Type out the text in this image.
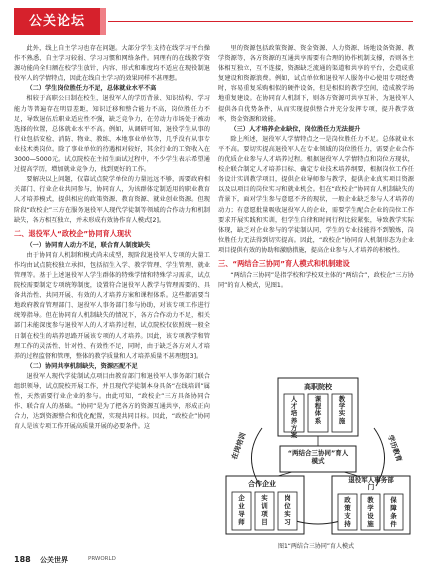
公关论坛

此外，线上自主学习也存在问题。大部分学生支持在线学习平台操作不熟悉、自主学习较弱、学习习惯和网络条件。同理有的在线教学资源功能尚全归额在校学生放针，内容、形式和难度均不适应在现役制退役军人的学情特点，因此在线自主学习的效果同样不甚理想。

（二）学生岗位胜任力不足，总体就业水平不高

相较于高职公日制在校生，退役军人的学历背景、知识结构、学习能力等普遍存在明显差距，知识迁移和整合能力不高，岗位胜任力不足，导致退伍后职业适应性不强，缺乏竞争力，在劳动力市场处于被动选择的位置，总体就业水平不高。例如，从调研可知，退役学生从事的行业包括安检、消防、物业、教练、本地事业单位等，几乎没有从事专业技术类岗位。除了事业单位的待遇相对较好，其余行业的工资收入在3000—5000元。试点院校在主招生面试过程中，不少学生表示希望通过提高学历，增加就业竞争力，找到更好的工作。

要解决以上问题，仅靠试点院学单位的力量远远不够，需要政府相关部门、行业企业共同参与，协同育人，为该群体定制适用的职业教育人才培养模式，提供相应的政策资源、教育资源、就业创业资源。但现阶段“政校企”三方在服务退役军人现代学徒制等领域的合作动力和机制缺失，各方相互独立，并未形成有效协作育人模式[2]。

二、退役军人“政校企”协同育人现状

（一）协同育人动力不足，联合育人制度缺失

由于协同育人机制和模式尚未成型，现阶段退役军人专项的大量工作均由试点院校独立承担，包括招生入学、教学管理、学生管理、就业管理等。基于上述退役军人学生群体的特殊学情和特殊学习需求，试点院校需要制定专项统筹制度，设置符合退役军人教学与管理需要的、具备共治性、共同开展、有效的人才培养方案和课程体系。这些都需要当地政府教育管理部门、退役军人事务部门参与协助，对该专项工作进行统筹指导。但在协同育人机制缺失的情况下，各方合作动力不足，相关部门未能深度参与退役军人的人才培养过程，试点院校仅依照统一般全日制在校生的培养思路开展该专项的人才培养。因此，该专项教学和管理工作的灵活性、针对性、有效性不足，同时，由于缺乏各方对人才培养的过程监督和管理，整体的教学质量和人才培养质量不甚理想[3]。

（二）协同共享机制缺失，资源匹配不足

退役军人现代学徒制试点项目由教育部门和退役军人事务部门联合组织领导，试点院校开展工作，并且现代学徒制本身具备“在线培训”属性，天然需要行业企业的参与。由此可知，“政校企”三方具备协同合作、联合育人的基础。“协同”是为了把各方的资源互通共享，形成正向合力，达到资源整合和优化配置，实现共同目标。因此，“政校企”协同育人是该专项工作开展高质量开展的必要条件。这

里的资源包括政策资源、资金资源、人力资源、场地设备资源、教学资源等，各方资源的互通共享需要有合理的协作机制支撑，否则各主体相互独立，互不连接，资源缺乏流通的渠道和共享的平台，会造成重复建设和资源浪费。例如，试点单位和退役军人服务中心使用专项经费时，容易重复采购相似的硬件设备，但是相似的教学空间，造成教学场地重复建设。在协同育人机制下，则各方资源可共享互补，为退役军人提供各自优势条件，从而实现提供整合并充分发挥专项，提升教学效率，资金资源和效能。

（三）人才培养企业缺位，岗位胜任力无法提升

除上所述，退役军人学情特点之一是岗位胜任力不足。总体就业水平不高。要切实提高退役军人在专业领域的岗位胜任力，需要企业合作的优质企业参与人才培养过程。根据退役军人学情特点和岗位方现状，校企联合制定人才培养目标、确定专业技术培养纲要，根据岗位工作任务设计实训教学项目，提供企业导师参与教学，提供企业真实项目资源以及以项目的岗位实习和就业机会。但在“政校企”协同育人机制缺失的背景下，面对学生参与意愿不齐的现状，一般企业缺乏参与人才培养的动力；有意愿批量吸收退役军人的企业，需要学生配合企业的岗位工作要求开展实践和实训，但学生自律和时间行程比较紧张，导致教学实际体现，缺乏对企业参与的学徒制认同，学生的专业技能得不到锻炼，岗位胜任力无法得到切实提高。因此，“政校企”协同育人机制形态为企业项目提供有效的协助和激励措施，提高企业参与人才培养的积极性。

三、“两结合三协同”育人模式和机制建设

“两结合三协同”是指学校和学校双主体的“两结合”，政校企“三方协同”的育人模式，见图1。

在岗培训	学历教育
高职院校
人才培养方案
课程体系
教学实施
“两结合三协同”育人模式
合作企业
企业导师
实训项目
岗位实习
退役军人事务部门
政策支持
教学设施
保障条件
图1“两结合三协同”育人模式
188 公关世界	PRWORLD
